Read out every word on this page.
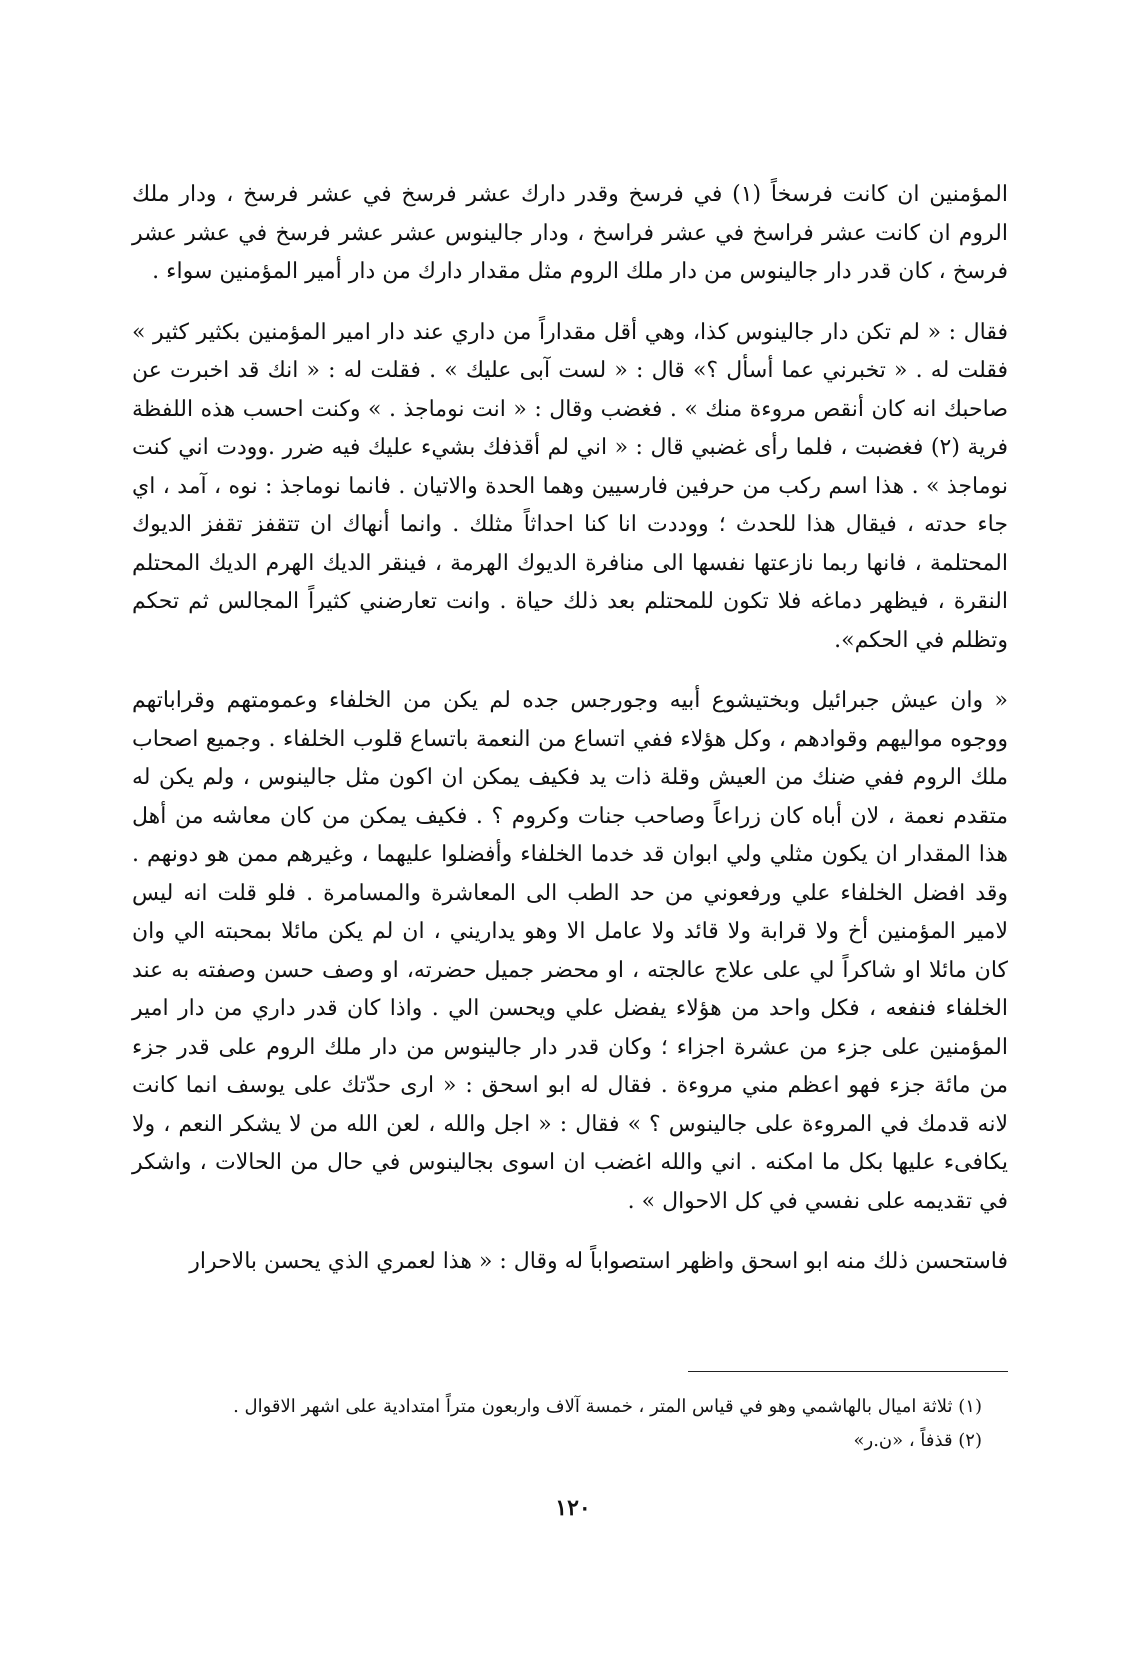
المؤمنين ان كانت فرسخاً (١) في فرسخ وقدر دارك عشر فرسخ في عشر فرسخ ، ودار ملك الروم ان كانت عشر فراسخ في عشر فراسخ ، ودار جالينوس عشر عشر فرسخ في عشر عشر فرسخ ، كان قدر دار جالينوس من دار ملك الروم مثل مقدار دارك من دار أمير المؤمنين سواء .

فقال : « لم تكن دار جالينوس كذا، وهي أقل مقداراً من داري عند دار امير المؤمنين بكثير كثير » فقلت له . « تخبرني عما أسأل ؟» قال : « لست آبى عليك » . فقلت له : « انك قد اخبرت عن صاحبك انه كان أنقص مروءة منك » . فغضب وقال : « انت نوماجذ . » وكنت احسب هذه اللفظة فرية (٢) فغضبت ، فلما رأى غضبي قال : « اني لم أقذفك بشيء عليك فيه ضرر .وودت اني كنت نوماجذ » . هذا اسم ركب من حرفين فارسيين وهما الحدة والاتيان . فانما نوماجذ : نوه ، آمد ، اي جاء حدته ، فيقال هذا للحدث ؛ ووددت انا كنا احداثاً مثلك . وانما أنهاك ان تتقفز تقفز الديوك المحتلمة ، فانها ربما نازعتها نفسها الى منافرة الديوك الهرمة ، فينقر الديك الهرم الديك المحتلم النقرة ، فيظهر دماغه فلا تكون للمحتلم بعد ذلك حياة . وانت تعارضني كثيراً المجالس ثم تحكم وتظلم في الحكم».

« وان عيش جبرائيل وبختيشوع أبيه وجورجس جده لم يكن من الخلفاء وعمومتهم وقراباتهم ووجوه مواليهم وقوادهم ، وكل هؤلاء ففي اتساع من النعمة باتساع قلوب الخلفاء . وجميع اصحاب ملك الروم ففي ضنك من العيش وقلة ذات يد فكيف يمكن ان اكون مثل جالينوس ، ولم يكن له متقدم نعمة ، لان أباه كان زراعاً وصاحب جنات وكروم ؟ . فكيف يمكن من كان معاشه من أهل هذا المقدار ان يكون مثلي ولي ابوان قد خدما الخلفاء وأفضلوا عليهما ، وغيرهم ممن هو دونهم . وقد افضل الخلفاء علي ورفعوني من حد الطب الى المعاشرة والمسامرة . فلو قلت انه ليس لامير المؤمنين أخ ولا قرابة ولا قائد ولا عامل الا وهو يداريني ، ان لم يكن مائلا بمحبته الي وان كان مائلا او شاكراً لي على علاج عالجته ، او محضر جميل حضرته، او وصف حسن وصفته به عند الخلفاء فنفعه ، فكل واحد من هؤلاء يفضل علي ويحسن الي . واذا كان قدر داري من دار امير المؤمنين على جزء من عشرة اجزاء ؛ وكان قدر دار جالينوس من دار ملك الروم على قدر جزء من مائة جزء فهو اعظم مني مروءة . فقال له ابو اسحق : « ارى حدّتك على يوسف انما كانت لانه قدمك في المروءة على جالينوس ؟ » فقال : « اجل والله ، لعن الله من لا يشكر النعم ، ولا يكافىء عليها بكل ما امكنه . اني والله اغضب ان اسوى بجالينوس في حال من الحالات ، واشكر في تقديمه على نفسي في كل الاحوال » .

فاستحسن ذلك منه ابو اسحق واظهر استصواباً له وقال : « هذا لعمري الذي يحسن بالاحرار

(١) ثلاثة اميال بالهاشمي وهو في قياس المتر ، خمسة آلاف واربعون متراً امتدادية على اشهر الاقوال .

(٢) قذفاً ، «ن.ر»

١٢٠
